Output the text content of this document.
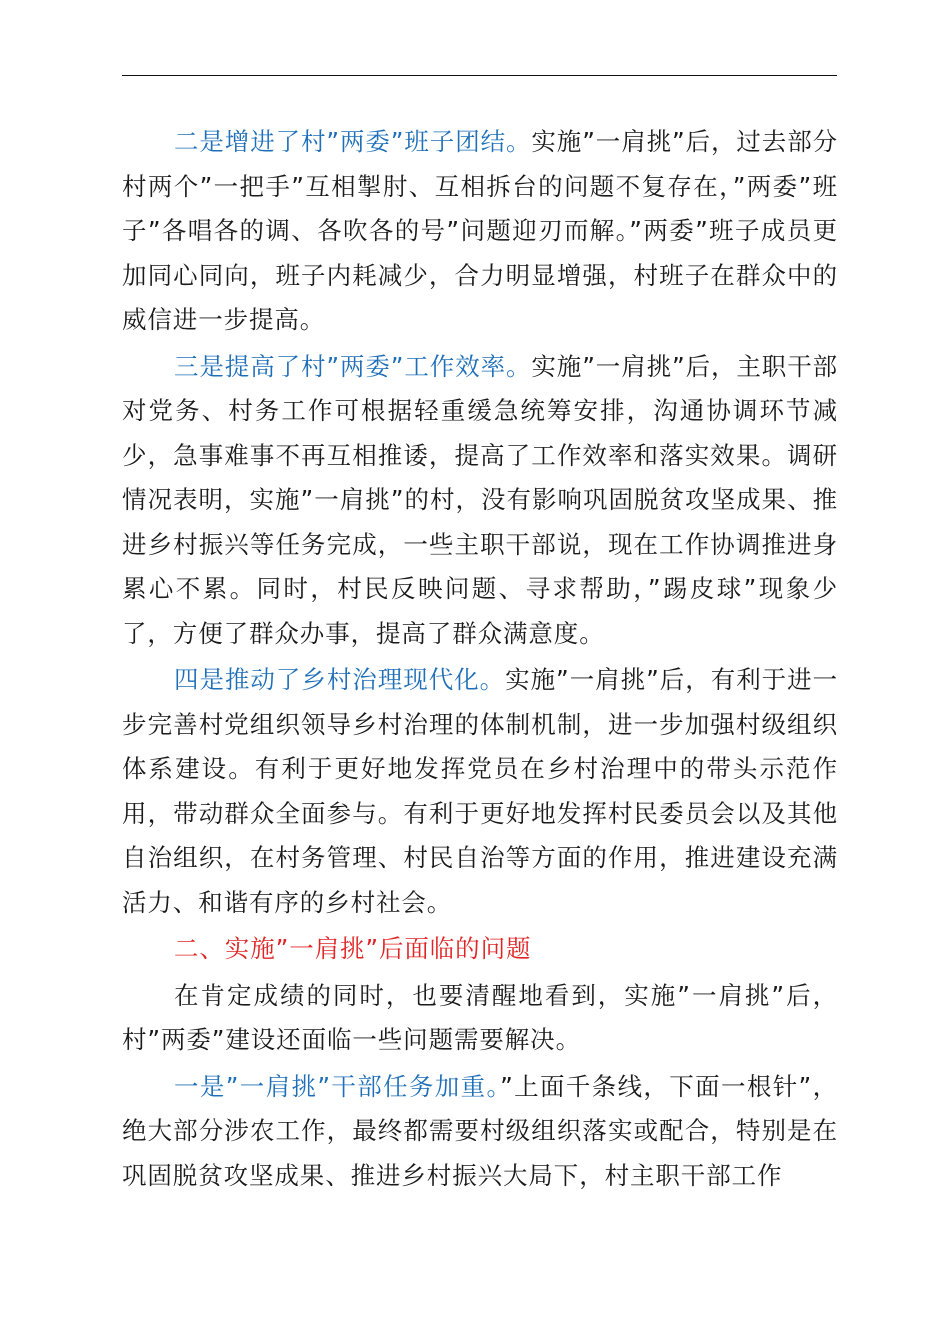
二是增进了村”两委”班子团结。实施”一肩挑”后，过去部分村两个”一把手”互相掣肘、互相拆台的问题不复存在，”两委”班子”各唱各的调、各吹各的号”问题迎刃而解。”两委”班子成员更加同心同向，班子内耗减少，合力明显增强，村班子在群众中的威信进一步提高。

三是提高了村”两委”工作效率。实施”一肩挑”后，主职干部对党务、村务工作可根据轻重缓急统筹安排，沟通协调环节减少，急事难事不再互相推诿，提高了工作效率和落实效果。调研情况表明，实施”一肩挑”的村，没有影响巩固脱贫攻坚成果、推进乡村振兴等任务完成，一些主职干部说，现在工作协调推进身累心不累。同时，村民反映问题、寻求帮助，”踢皮球”现象少了，方便了群众办事，提高了群众满意度。

四是推动了乡村治理现代化。实施”一肩挑”后，有利于进一步完善村党组织领导乡村治理的体制机制，进一步加强村级组织体系建设。有利于更好地发挥党员在乡村治理中的带头示范作用，带动群众全面参与。有利于更好地发挥村民委员会以及其他自治组织，在村务管理、村民自治等方面的作用，推进建设充满活力、和谐有序的乡村社会。

二、实施”一肩挑”后面临的问题

在肯定成绩的同时，也要清醒地看到，实施”一肩挑”后，村”两委”建设还面临一些问题需要解决。

一是”一肩挑”干部任务加重。”上面千条线，下面一根针”，绝大部分涉农工作，最终都需要村级组织落实或配合，特别是在巩固脱贫攻坚成果、推进乡村振兴大局下，村主职干部工作
